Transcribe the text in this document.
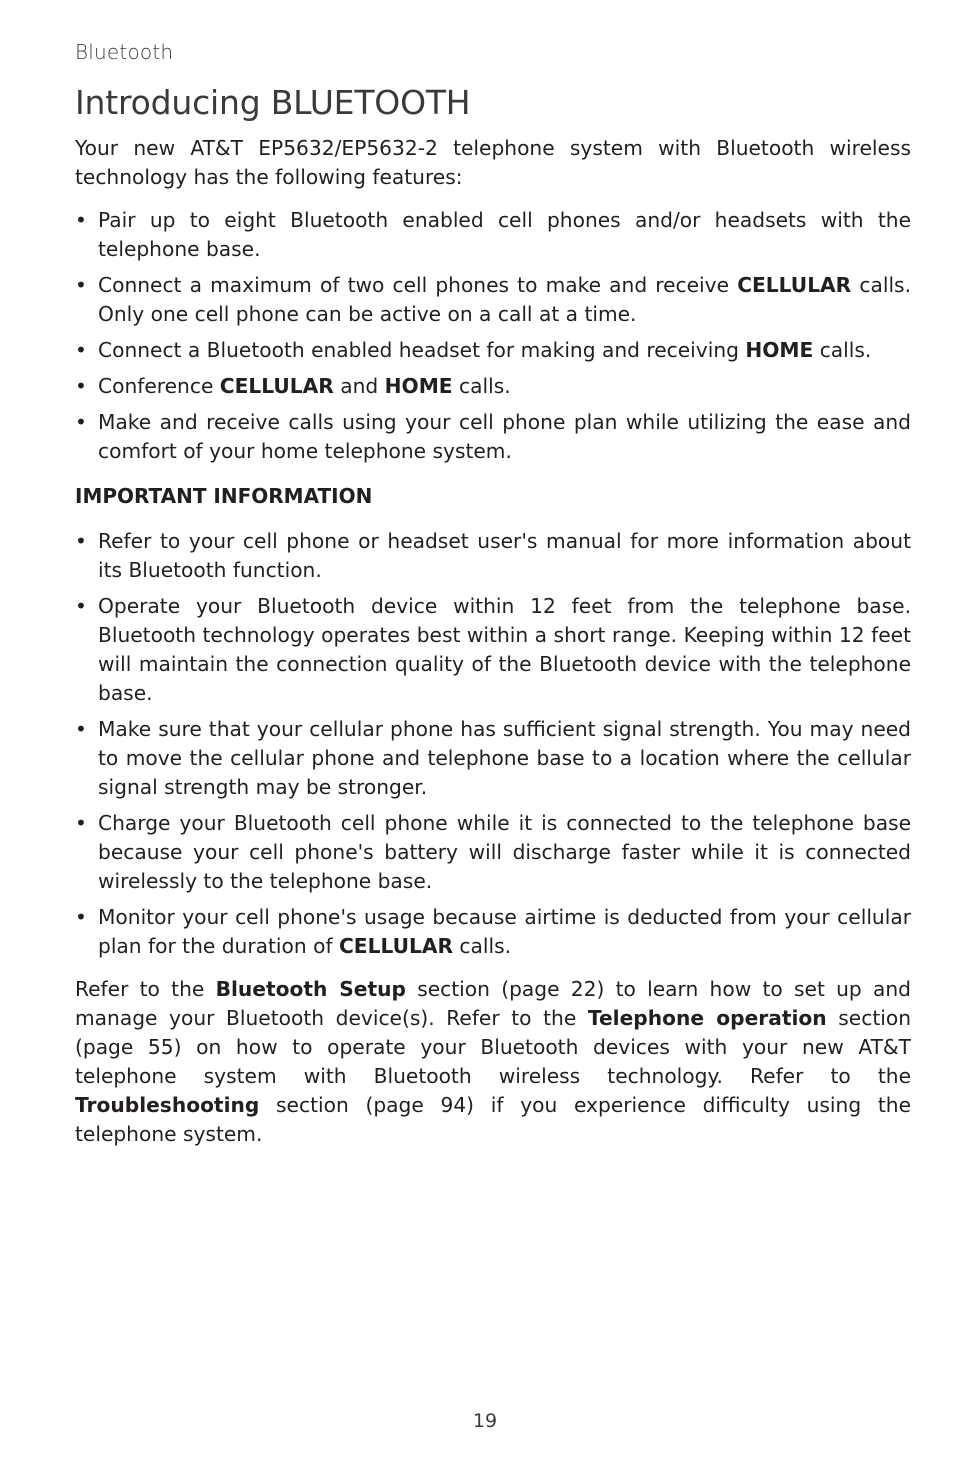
Bluetooth
Introducing BLUETOOTH

Your new AT&T EP5632/EP5632-2 telephone system with Bluetooth wireless technology has the following features:

• Pair up to eight Bluetooth enabled cell phones and/or headsets with the telephone base.
• Connect a maximum of two cell phones to make and receive CELLULAR calls. Only one cell phone can be active on a call at a time.
• Connect a Bluetooth enabled headset for making and receiving HOME calls.
• Conference CELLULAR and HOME calls.
• Make and receive calls using your cell phone plan while utilizing the ease and comfort of your home telephone system.
IMPORTANT INFORMATION
• Refer to your cell phone or headset user's manual for more information about its Bluetooth function.
• Operate your Bluetooth device within 12 feet from the telephone base. Bluetooth technology operates best within a short range. Keeping within 12 feet will maintain the connection quality of the Bluetooth device with the telephone base.
• Make sure that your cellular phone has sufficient signal strength. You may need to move the cellular phone and telephone base to a location where the cellular signal strength may be stronger.
• Charge your Bluetooth cell phone while it is connected to the telephone base because your cell phone's battery will discharge faster while it is connected wirelessly to the telephone base.
• Monitor your cell phone's usage because airtime is deducted from your cellular plan for the duration of CELLULAR calls.

Refer to the Bluetooth Setup section (page 22) to learn how to set up and manage your Bluetooth device(s). Refer to the Telephone operation section (page 55) on how to operate your Bluetooth devices with your new AT&T telephone system with Bluetooth wireless technology. Refer to the Troubleshooting section (page 94) if you experience difficulty using the telephone system.

19
